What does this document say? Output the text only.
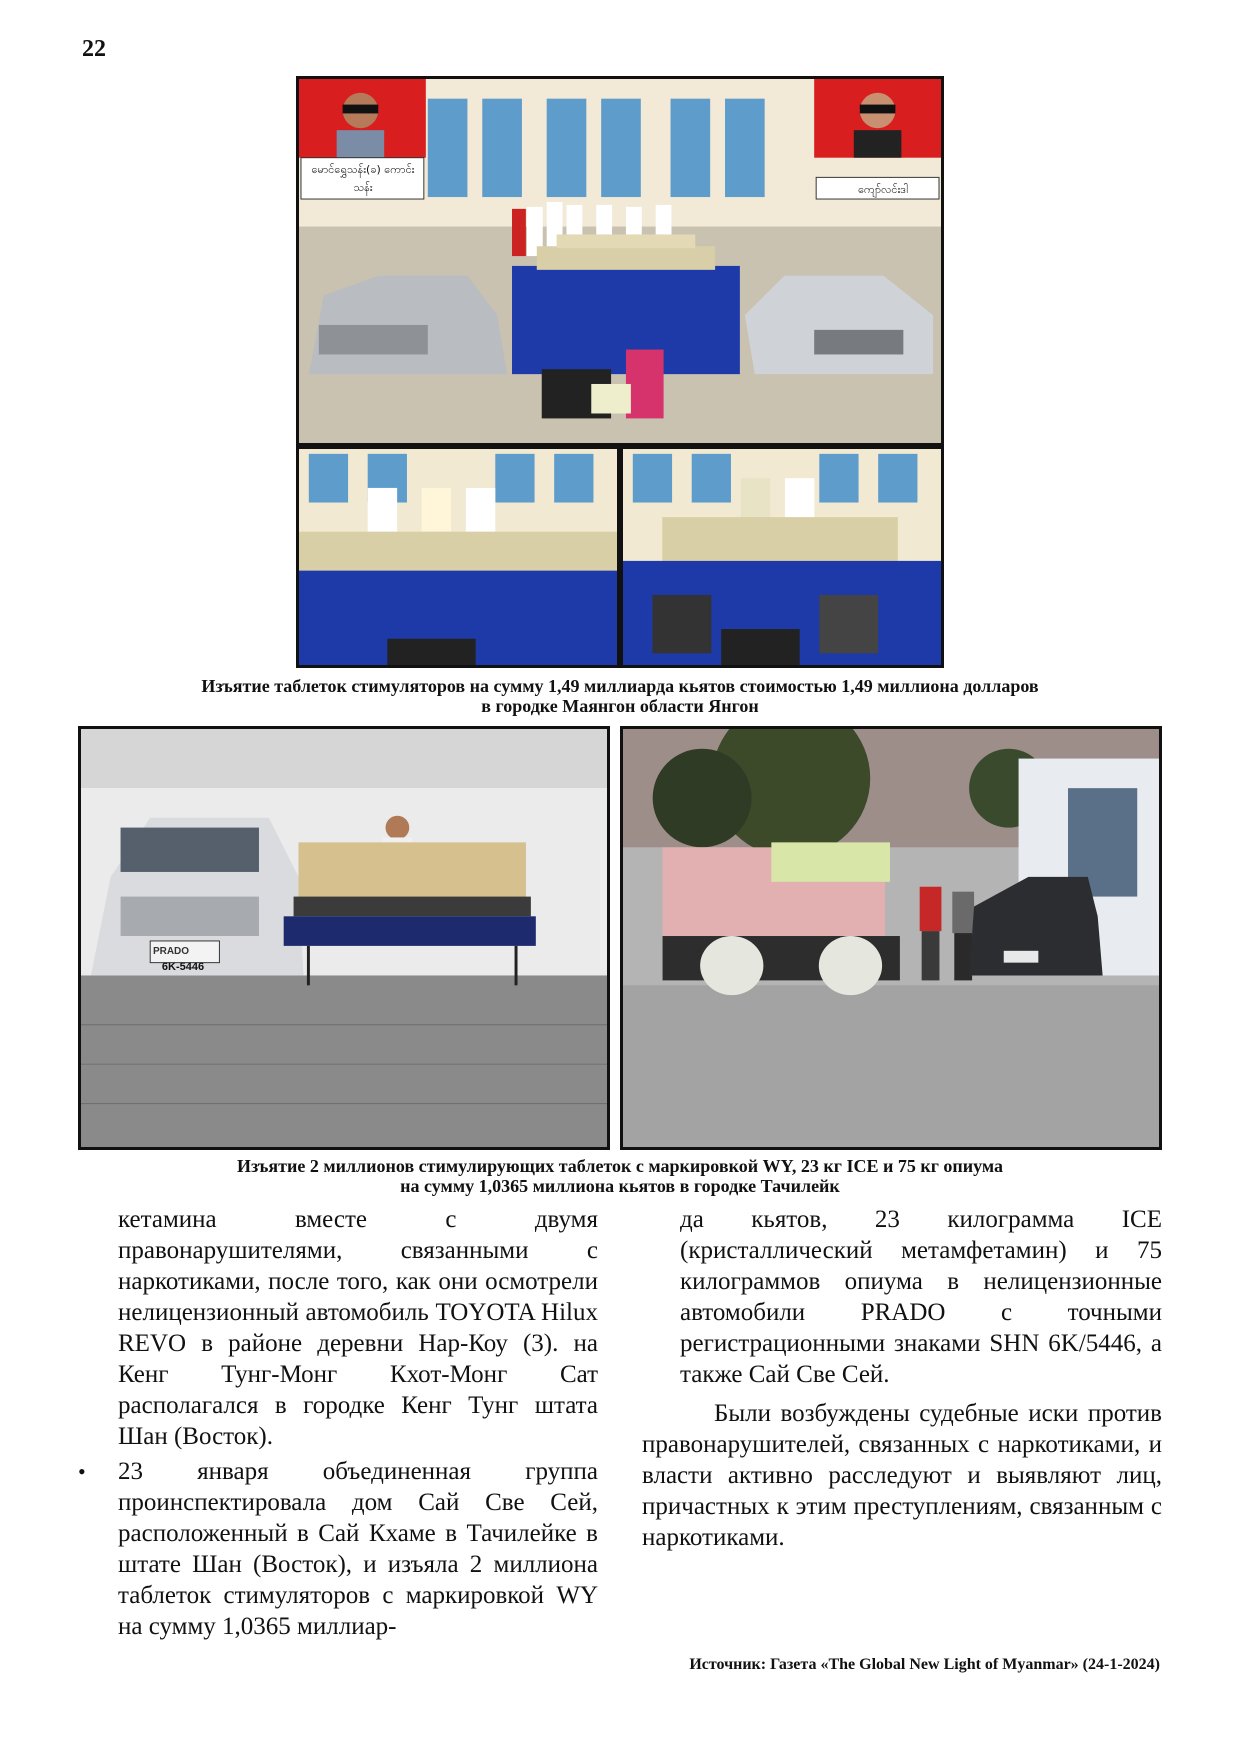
22
မောင်ရွှေသန်း(ခ) ကောင်းသန်း	ကျော်လင်းဒါ
Изъятие таблеток стимуляторов на сумму 1,49 миллиарда кьятов стоимостью 1,49 миллиона долларов
в городке Маянгон области Янгон
PRADO
6K-5446
Изъятие 2 миллионов стимулирующих таблеток с маркировкой WY, 23 кг ICE и 75 кг опиума
на сумму 1,0365 миллиона кьятов в городке Тачилейк

кетамина вместе с двумя правонарушителями, связанными с наркотиками, после того, как они осмотрели нелицензионный автомобиль TOYOTA Hilux REVO в районе деревни Нар-Коу (3). на Кенг Тунг-Монг Кхот-Монг Сат располагался в городке Кенг Тунг штата Шан (Восток).

• 23 января объединенная группа проинспектировала дом Сай Све Сей, расположенный в Сай Кхаме в Тачилейке в штате Шан (Восток), и изъяла 2 миллиона таблеток стимуляторов с маркировкой WY на сумму 1,0365 миллиар-

да кьятов, 23 килограмма ICE (кристаллический метамфетамин) и 75 килограммов опиума в нелицензионные автомобили PRADO с точными регистрационными знаками SHN 6K/5446, а также Сай Све Сей.

Были возбуждены судебные иски против правонарушителей, связанных с наркотиками, и власти активно расследуют и выявляют лиц, причастных к этим преступлениям, связанным с наркотиками.

Источник: Газета «The Global New Light of Myanmar» (24-1-2024)
